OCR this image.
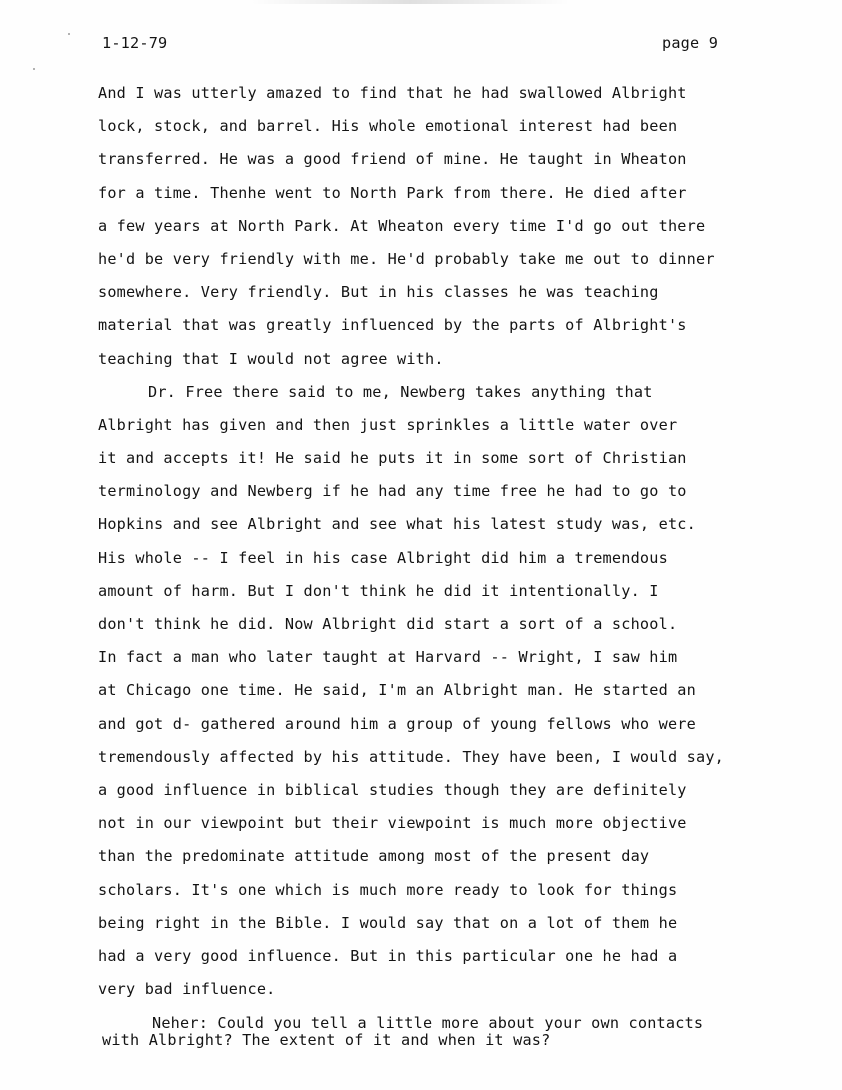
1-12-79	page 9
And I was utterly amazed to find that he had swallowed Albright
lock, stock, and barrel. His whole emotional interest had been
transferred. He was a good friend of mine. He taught in Wheaton
for a time. Thenhe went to North Park from there. He died after
a few years at North Park. At Wheaton every time I'd go out there
he'd be very friendly with me. He'd probably take me out to dinner
somewhere. Very friendly. But in his classes he was teaching
material that was greatly influenced by the parts of Albright's
teaching that I would not agree with.
Dr. Free there said to me, Newberg takes anything that
Albright has given and then just sprinkles a little water over
it and accepts it! He said he puts it in some sort of Christian
terminology and Newberg if he had any time free he had to go to
Hopkins and see Albright and see what his latest study was, etc.
His whole -- I feel in his case Albright did him a tremendous
amount of harm. But I don't think he did it intentionally. I
don't think he did. Now Albright did start a sort of a school.
In fact a man who later taught at Harvard -- Wright, I saw him
at Chicago one time. He said, I'm an Albright man. He started an
and got d- gathered around him a group of young fellows who were
tremendously affected by his attitude. They have been, I would say,
a good influence in biblical studies though they are definitely
not in our viewpoint but their viewpoint is much more objective
than the predominate attitude among most of the present day
scholars. It's one which is much more ready to look for things
being right in the Bible. I would say that on a lot of them he
had a very good influence. But in this particular one he had a
very bad influence.
Neher: Could you tell a little more about your own contacts
with Albright? The extent of it and when it was?
